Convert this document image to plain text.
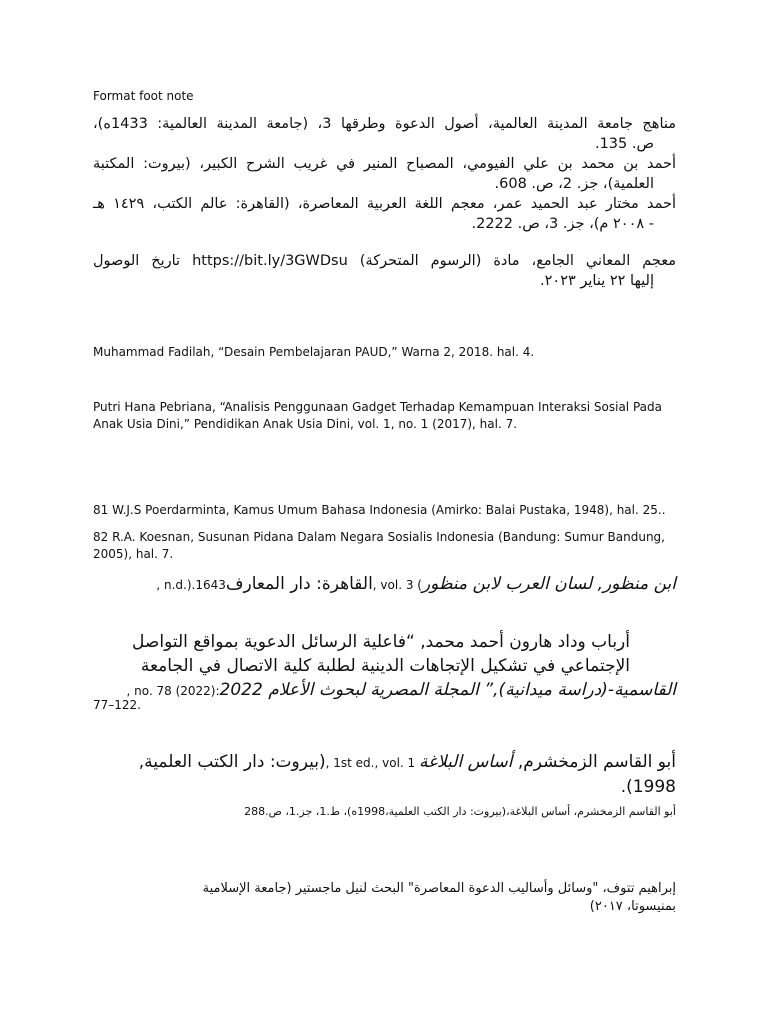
Format foot note

مناهج جامعة المدينة العالمية، أصول الدعوة وطرقها 3، (جامعة المدينة العالمية: 1433ه)،
ص. 135.
أحمد بن محمد بن علي الفيومي، المصباح المنير في غريب الشرح الكبير، (بيروت: المكتبة
العلمية)، جز. 2، ص. 608.
أحمد مختار عبد الحميد عمر، معجم اللغة العربية المعاصرة، (القاهرة: عالم الكتب، ١٤٢٩ هـ
- ٢٠٠٨ م)، جز. 3، ص. 2222.
معجم المعاني الجامع، مادة (الرسوم المتحركة) https://bit.ly/3GWDsu تاريخ الوصول
إليها ٢٢ يناير ٢٠٢٣.

Muhammad Fadilah, “Desain Pembelajaran PAUD,” Warna 2, 2018. hal. 4.

Putri Hana Pebriana, “Analisis Penggunaan Gadget Terhadap Kemampuan Interaksi Sosial Pada Anak Usia Dini,” Pendidikan Anak Usia Dini, vol. 1, no. 1 (2017), hal. 7.

81 W.J.S Poerdarminta, Kamus Umum Bahasa Indonesia (Amirko: Balai Pustaka, 1948), hal. 25..

82 R.A. Koesnan, Susunan Pidana Dalam Negara Sosialis Indonesia (Bandung: Sumur Bandung, 2005), hal. 7.

ابن منظور, لسان العرب لابن منظور, vol. 3 (القاهرة: دار المعارف, n.d.).1643

أرباب وداد هارون أحمد محمد, “فاعلية الرسائل الدعوية بمواقع التواصل
الإجتماعي في تشكيل الإتجاهات الدينية لطلبة كلية الاتصال في الجامعة

القاسمية-(دراسة ميدانية),” المجلة المصرية لبحوث الأعلام 2022, no. 78 (2022):

77–122.

أبو القاسم الزمخشرم, أساس البلاغة, 1st ed., vol. 1 (بيروت: دار الكتب العلمية,
1998).

أبو القاسم الزمخشرم، أساس البلاغة،(بيروت: دار الكتب العلمية،1998ه)، ط.1، جز.1، ص.288

إبراهيم تتوف، "وسائل وأساليب الدعوة المعاصرة" البحث لنيل ماجستير (جامعة الإسلامية
بمنيسوتا، ٢٠١٧)
